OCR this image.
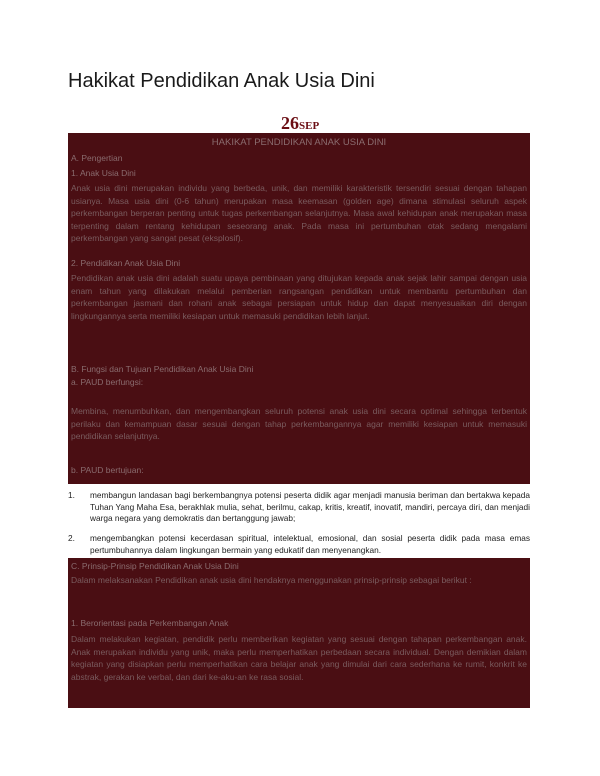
Hakikat Pendidikan Anak Usia Dini
26SEP
HAKIKAT PENDIDIKAN ANAK USIA DINI
A. Pengertian
1. Anak Usia Dini
Anak usia dini merupakan individu yang berbeda, unik, dan memiliki karakteristik tersendiri sesuai dengan tahapan usianya. Masa usia dini (0-6 tahun) merupakan masa keemasan (golden age) dimana stimulasi seluruh aspek perkembangan berperan penting untuk tugas perkembangan selanjutnya. Masa awal kehidupan anak merupakan masa terpenting dalam rentang kehidupan seseorang anak. Pada masa ini pertumbuhan otak sedang mengalami perkembangan yang sangat pesat (eksplosif).
2. Pendidikan Anak Usia Dini
Pendidikan anak usia dini adalah suatu upaya pembinaan yang ditujukan kepada anak sejak lahir sampai dengan usia enam tahun yang dilakukan melalui pemberian rangsangan pendidikan untuk membantu pertumbuhan dan perkembangan jasmani dan rohani anak sebagai persiapan untuk hidup dan dapat menyesuaikan diri dengan lingkungannya serta memiliki kesiapan untuk memasuki pendidikan lebih lanjut.
B. Fungsi dan Tujuan Pendidikan Anak Usia Dini
a. PAUD berfungsi:
Membina, menumbuhkan, dan mengembangkan seluruh potensi anak usia dini secara optimal sehingga terbentuk perilaku dan kemampuan dasar sesuai dengan tahap perkembangannya agar memiliki kesiapan untuk memasuki pendidikan selanjutnya.
b. PAUD bertujuan:
1. membangun landasan bagi berkembangnya potensi peserta didik agar menjadi manusia beriman dan bertakwa kepada Tuhan Yang Maha Esa, berakhlak mulia, sehat, berilmu, cakap, kritis, kreatif, inovatif, mandiri, percaya diri, dan menjadi warga negara yang demokratis dan bertanggung jawab;
2. mengembangkan potensi kecerdasan spiritual, intelektual, emosional, dan sosial peserta didik pada masa emas pertumbuhannya dalam lingkungan bermain yang edukatif dan menyenangkan.
C. Prinsip-Prinsip Pendidikan Anak Usia Dini
Dalam melaksanakan Pendidikan anak usia dini hendaknya menggunakan prinsip-prinsip sebagai berikut :
1. Berorientasi pada Perkembangan Anak
Dalam melakukan kegiatan, pendidik perlu memberikan kegiatan yang sesuai dengan tahapan perkembangan anak. Anak merupakan individu yang unik, maka perlu memperhatikan perbedaan secara individual. Dengan demikian dalam kegiatan yang disiapkan perlu memperhatikan cara belajar anak yang dimulai dari cara sederhana ke rumit, konkrit ke abstrak, gerakan ke verbal, dan dari ke-aku-an ke rasa sosial.
